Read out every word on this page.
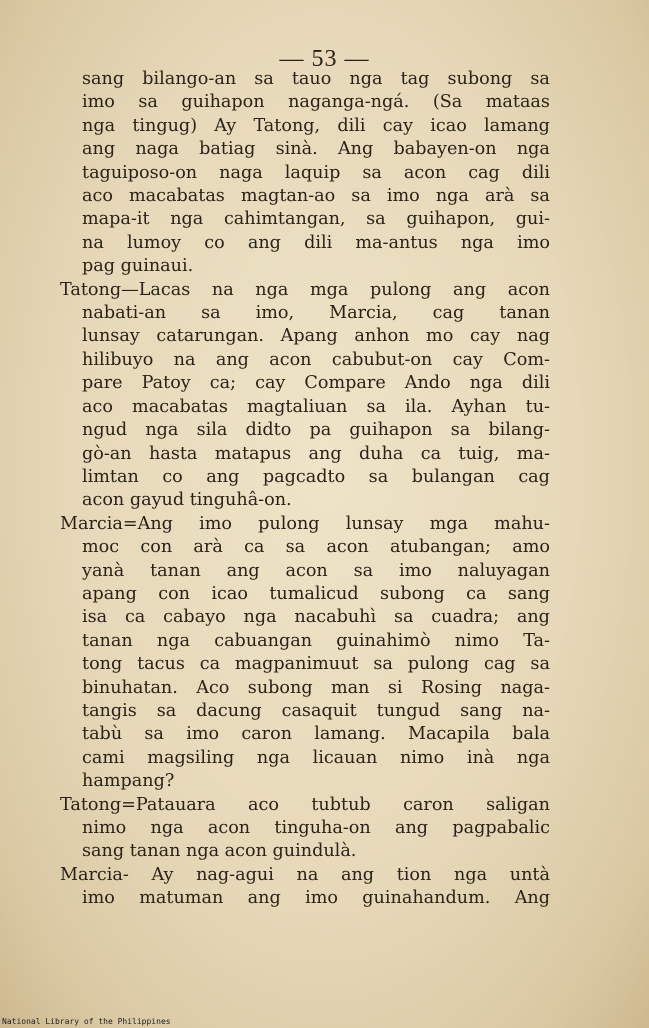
— 53 —
sang bilango-an sa tauo nga tag subong sa
imo sa guihapon naganga-ngá. (Sa mataas
nga tingug) Ay Tatong, dili cay icao lamang
ang naga batiag sinà. Ang babayen-on nga
taguiposo-on naga laquip sa acon cag dili
aco macabatas magtan-ao sa imo nga arà sa
mapa-it nga cahimtangan, sa guihapon, gui-
na lumoy co ang dili ma-antus nga imo
pag guinaui.
Tatong—Lacas na nga mga pulong ang acon
nabati-an sa imo, Marcia, cag tanan
lunsay catarungan. Apang anhon mo cay nag
hilibuyo na ang acon cabubut-on cay Com-
pare Patoy ca; cay Compare Ando nga dili
aco macabatas magtaliuan sa ila. Ayhan tu-
ngud nga sila didto pa guihapon sa bilang-
gò-an hasta matapus ang duha ca tuig, ma-
limtan co ang pagcadto sa bulangan cag
acon gayud tinguhâ-on.
Marcia=Ang imo pulong lunsay mga mahu-
moc con arà ca sa acon atubangan; amo
yanà tanan ang acon sa imo naluyagan
apang con icao tumalicud subong ca sang
isa ca cabayo nga nacabuhì sa cuadra; ang
tanan nga cabuangan guinahimò nimo Ta-
tong tacus ca magpanimuut sa pulong cag sa
binuhatan. Aco subong man si Rosing naga-
tangis sa dacung casaquit tungud sang na-
tabù sa imo caron lamang. Macapila bala
cami magsiling nga licauan nimo inà nga
hampang?
Tatong=Patauara aco tubtub caron saligan
nimo nga acon tinguha-on ang pagpabalic
sang tanan nga acon guindulà.
Marcia- Ay nag-agui na ang tion nga untà
imo matuman ang imo guinahandum. Ang
National Library of the Philippines
